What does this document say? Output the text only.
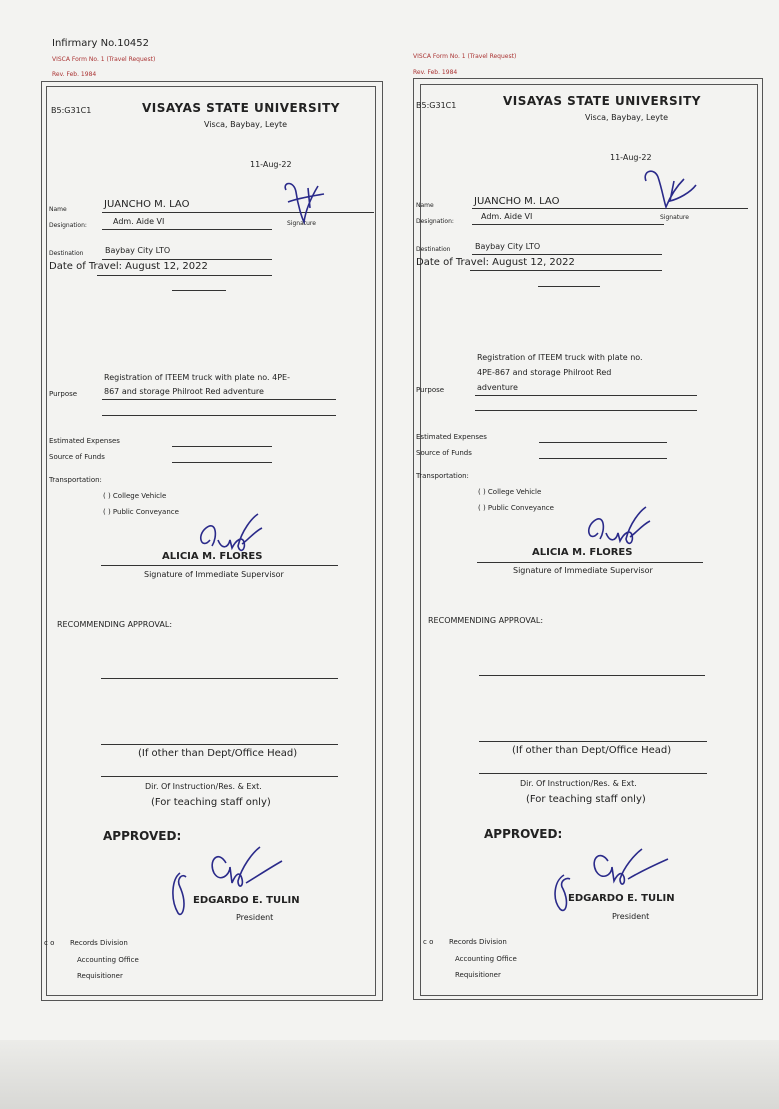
Infirmary No.10452
VISCA Form No. 1 (Travel Request)
Rev. Feb. 1984
B5:G31C1	VISAYAS STATE UNIVERSITY
Visca, Baybay, Leyte
11-Aug-22
Name	JUANCHO M. LAO
Designation:	Adm. Aide VI	Signature
Destination	Baybay City LTO
Date of Travel: August 12, 2022
Registration of ITEEM truck with plate no. 4PE-
Purpose	867 and storage Philroot Red adventure
Estimated Expenses
Source of Funds
Transportation:
( ) College Vehicle
( ) Public Conveyance
ALICIA M. FLORES
Signature of Immediate Supervisor
RECOMMENDING APPROVAL:
(If other than Dept/Office Head)
Dir. Of Instruction/Res. & Ext.
(For teaching staff only)
APPROVED:
EDGARDO E. TULIN
President
c o Records Division
Accounting Office
Requisitioner
VISCA Form No. 1 (Travel Request)
Rev. Feb. 1984
B5:G31C1	VISAYAS STATE UNIVERSITY
Visca, Baybay, Leyte
11-Aug-22
Name	JUANCHO M. LAO
Designation:
Adm. Aide VI	Signature
Destination	Baybay City LTO
Date of Travel: August 12, 2022
Registration of ITEEM truck with plate no.
4PE-867 and storage Philroot Red
Purpose	adventure
Estimated Expenses
Source of Funds
Transportation:
( ) College Vehicle
( ) Public Conveyance
ALICIA M. FLORES
Signature of Immediate Supervisor
RECOMMENDING APPROVAL:
(If other than Dept/Office Head)
Dir. Of Instruction/Res. & Ext.
(For teaching staff only)
APPROVED:
EDGARDO E. TULIN
President
c o Records Division
Accounting Office
Requisitioner
